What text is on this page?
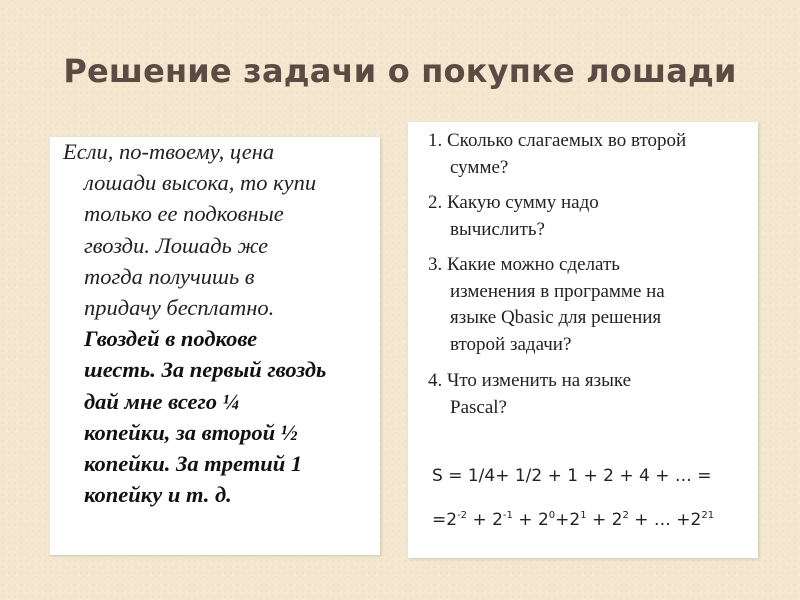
Решение задачи о покупке лошади
Если, по-твоему, цена
лошади высока, то купи
только ее подковные
гвозди. Лошадь же
тогда получишь в
придачу бесплатно.
Гвоздей в подкове
шесть. За первый гвоздь
дай мне всего ¼
копейки, за второй ½
копейки. За третий 1
копейку и т. д.
1. Сколько слагаемых во второй
сумме?
2. Какую сумму надо
вычислить?
3. Какие можно сделать
изменения в программе на
языке Qbasic для решения
второй задачи?
4. Что изменить на языке
Pascal?
S = 1/4+ 1/2 + 1 + 2 + 4 + … =
$=2^{-2} + 2^{-1} + 2^0+2^1 + 2^2$ + … $+2^{21}$
